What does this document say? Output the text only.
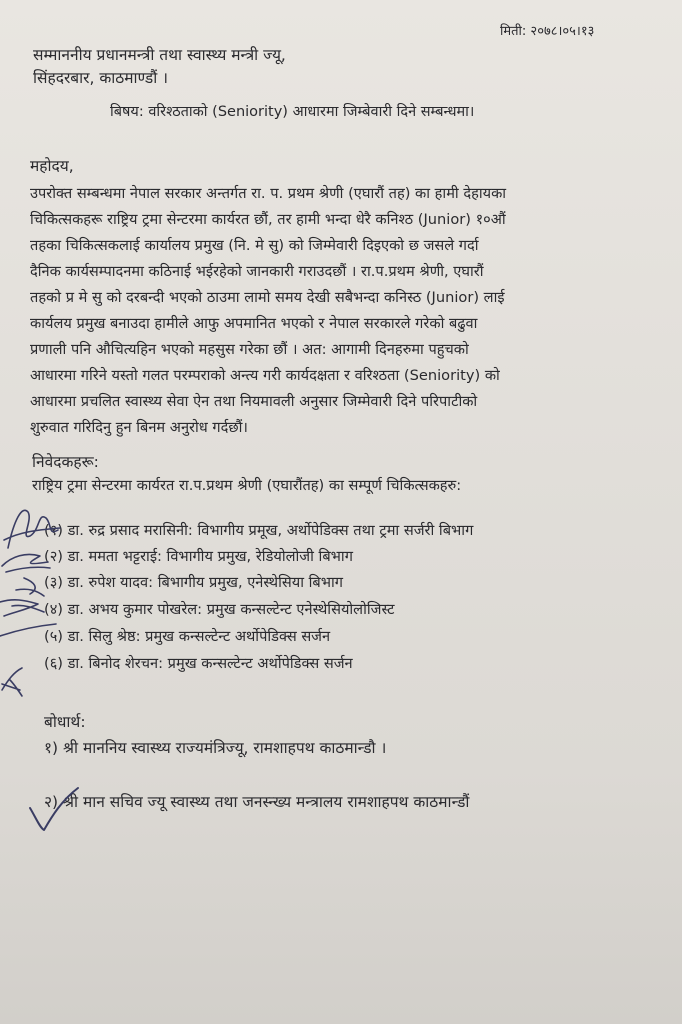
मिती: २०७८।०५।१३
सम्माननीय प्रधानमन्त्री तथा स्वास्थ्य मन्त्री ज्यू,
सिंहदरबार, काठमाण्डौं ।
बिषय: वरिश्ठताको (Seniority) आधारमा जिम्बेवारी दिने सम्बन्धमा।
महोदय,
उपरोक्त सम्बन्धमा नेपाल सरकार अन्तर्गत रा. प. प्रथम श्रेणी (एघारौं तह) का हामी देहायका
चिकित्सकहरू राष्ट्रिय ट्रमा सेन्टरमा कार्यरत छौं, तर हामी भन्दा धेरै कनिश्ठ (Junior) १०औं
तहका चिकित्सकलाई कार्यालय प्रमुख (नि. मे सु) को जिम्मेवारी दिइएको छ जसले गर्दा
दैनिक कार्यसम्पादनमा कठिनाई भईरहेको जानकारी गराउदछौं । रा.प.प्रथम श्रेणी, एघारौं
तहको प्र मे सु को दरबन्दी भएको ठाउमा लामो समय देखी सबैभन्दा कनिस्ठ (Junior) लाई
कार्यलय प्रमुख बनाउदा हामीले आफु अपमानित भएको र नेपाल सरकारले गरेको बढुवा
प्रणाली पनि औचित्यहिन भएको महसुस गरेका छौं । अत: आगामी दिनहरुमा पहुचको
आधारमा गरिने यस्तो गलत परम्पराको अन्त्य गरी कार्यदक्षता र वरिश्ठता (Seniority) को
आधारमा प्रचलित स्वास्थ्य सेवा ऐन तथा नियमावली अनुसार जिम्मेवारी दिने परिपाटीको
शुरुवात गरिदिनु हुन बिनम अनुरोध गर्दछौं।
निवेदकहरू:
राष्ट्रिय ट्रमा सेन्टरमा कार्यरत रा.प.प्रथम श्रेणी (एघारौंतह) का सम्पूर्ण चिकित्सकहरु:
(१) डा. रुद्र प्रसाद मरासिनी: विभागीय प्रमूख, अर्थोपेडिक्स तथा ट्रमा सर्जरी बिभाग
(२) डा. ममता भट्टराई: विभागीय प्रमुख, रेडियोलोजी बिभाग
(३) डा. रुपेश यादव: बिभागीय प्रमुख, एनेस्थेसिया बिभाग
(४) डा. अभय कुमार पोखरेल: प्रमुख कन्सल्टेन्ट एनेस्थेसियोलोजिस्ट
(५) डा. सिलु श्रेष्ठ: प्रमुख कन्सल्टेन्ट अर्थोपेडिक्स सर्जन
(६) डा. बिनोद शेरचन: प्रमुख कन्सल्टेन्ट अर्थोपेडिक्स सर्जन
बोधार्थ:
१) श्री माननिय स्वास्थ्य राज्यमंत्रिज्यू, रामशाहपथ काठमान्डौ ।
२) श्री मान सचिव ज्यू स्वास्थ्य तथा जनस्न्ख्य मन्त्रालय रामशाहपथ काठमान्डौं
